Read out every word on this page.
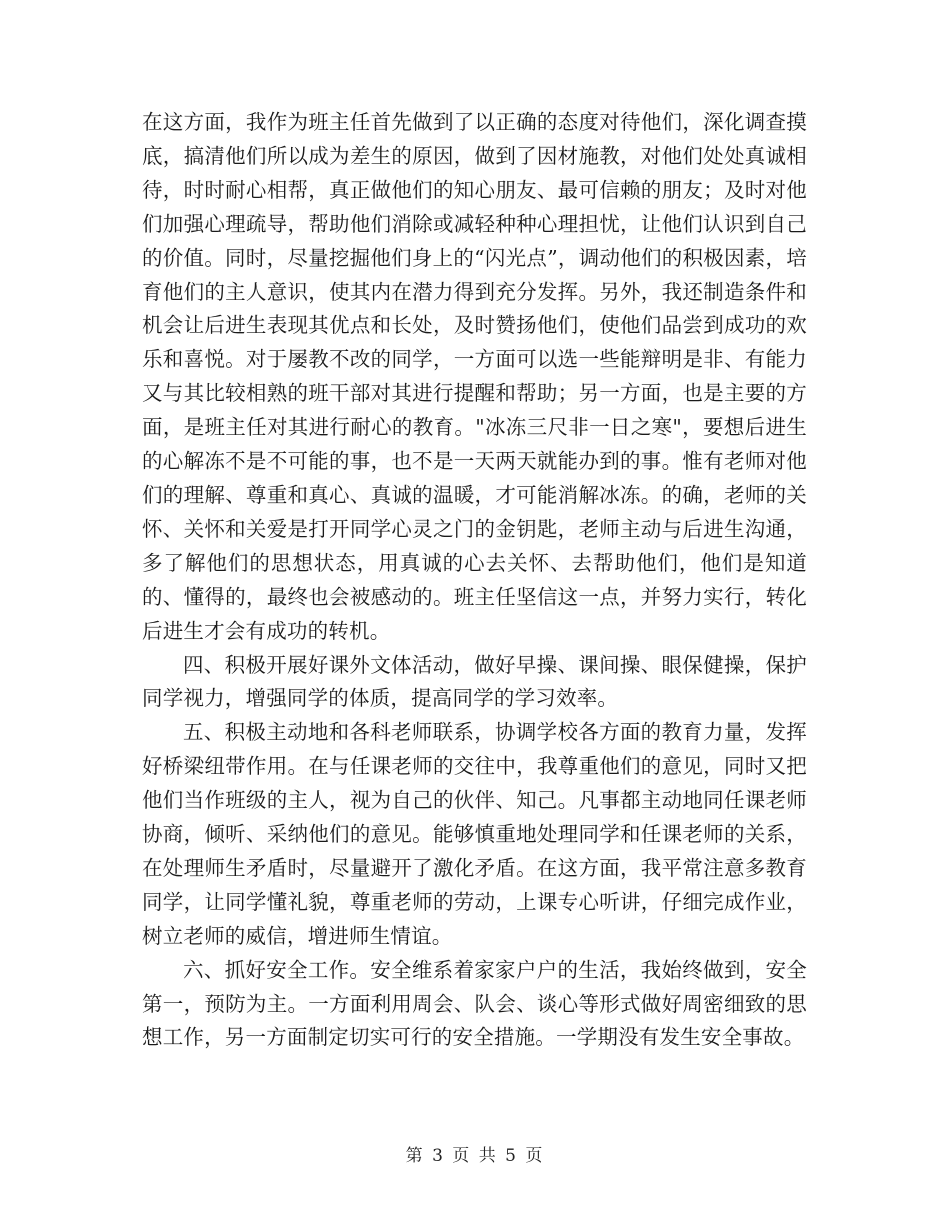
在这方面，我作为班主任首先做到了以正确的态度对待他们，深化调查摸底，搞清他们所以成为差生的原因，做到了因材施教，对他们处处真诚相待，时时耐心相帮，真正做他们的知心朋友、最可信赖的朋友；及时对他们加强心理疏导，帮助他们消除或减轻种种心理担忧，让他们认识到自己的价值。同时，尽量挖掘他们身上的“闪光点”，调动他们的积极因素，培育他们的主人意识，使其内在潜力得到充分发挥。另外，我还制造条件和机会让后进生表现其优点和长处，及时赞扬他们，使他们品尝到成功的欢乐和喜悦。对于屡教不改的同学，一方面可以选一些能辩明是非、有能力又与其比较相熟的班干部对其进行提醒和帮助；另一方面，也是主要的方面，是班主任对其进行耐心的教育。"冰冻三尺非一日之寒"，要想后进生的心解冻不是不可能的事，也不是一天两天就能办到的事。惟有老师对他们的理解、尊重和真心、真诚的温暖，才可能消解冰冻。的确，老师的关怀、关怀和关爱是打开同学心灵之门的金钥匙，老师主动与后进生沟通，多了解他们的思想状态，用真诚的心去关怀、去帮助他们，他们是知道的、懂得的，最终也会被感动的。班主任坚信这一点，并努力实行，转化后进生才会有成功的转机。

四、积极开展好课外文体活动，做好早操、课间操、眼保健操，保护同学视力，增强同学的体质，提高同学的学习效率。

五、积极主动地和各科老师联系，协调学校各方面的教育力量，发挥好桥梁纽带作用。在与任课老师的交往中，我尊重他们的意见，同时又把他们当作班级的主人，视为自己的伙伴、知己。凡事都主动地同任课老师协商，倾听、采纳他们的意见。能够慎重地处理同学和任课老师的关系，在处理师生矛盾时，尽量避开了激化矛盾。在这方面，我平常注意多教育同学，让同学懂礼貌，尊重老师的劳动，上课专心听讲，仔细完成作业，树立老师的威信，增进师生情谊。

六、抓好安全工作。安全维系着家家户户的生活，我始终做到，安全第一，预防为主。一方面利用周会、队会、谈心等形式做好周密细致的思想工作，另一方面制定切实可行的安全措施。一学期没有发生安全事故。

第 3 页 共 5 页
